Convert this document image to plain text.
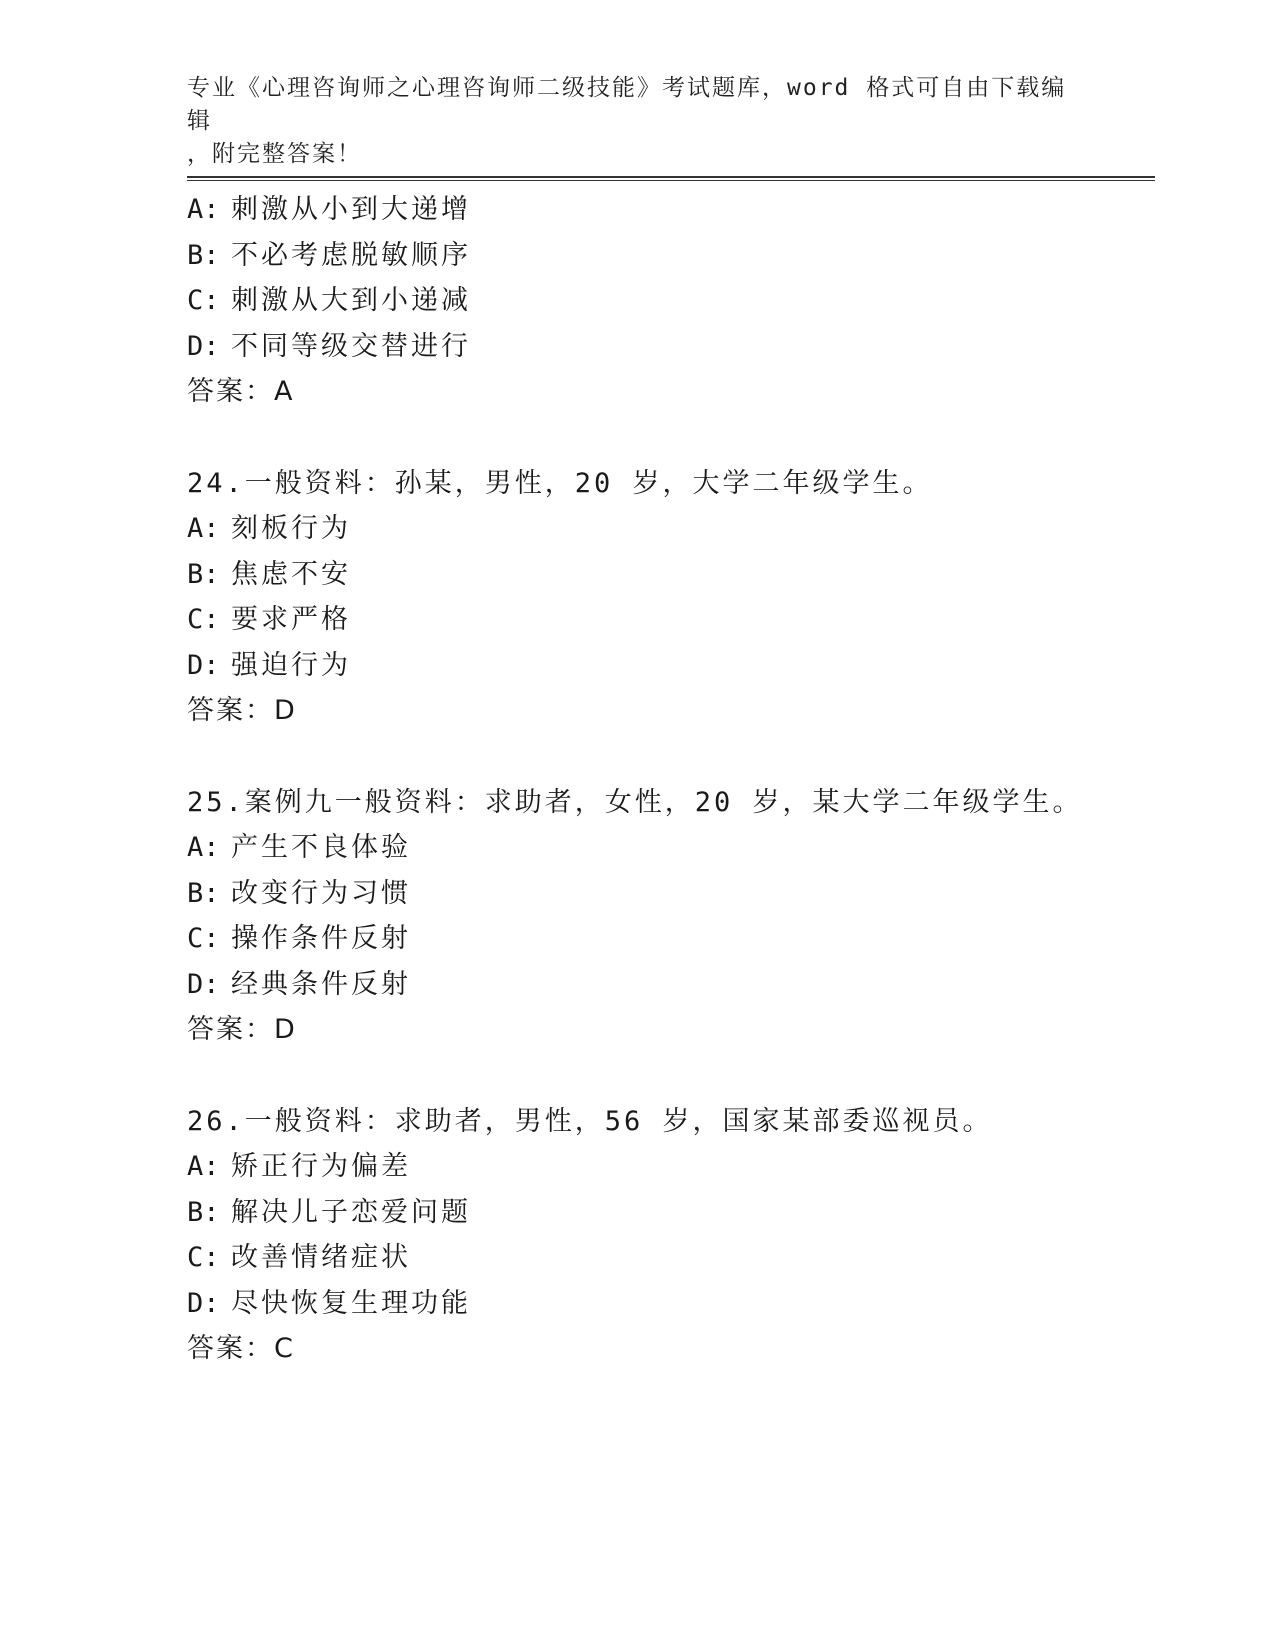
专业《心理咨询师之心理咨询师二级技能》考试题库，word 格式可自由下载编辑
，附完整答案！
A: 刺激从小到大递增
B: 不必考虑脱敏顺序
C: 刺激从大到小递减
D: 不同等级交替进行
答案：A
24.一般资料：孙某，男性，20 岁，大学二年级学生。
A: 刻板行为
B: 焦虑不安
C: 要求严格
D: 强迫行为
答案：D
25.案例九一般资料：求助者，女性，20 岁，某大学二年级学生。
A: 产生不良体验
B: 改变行为习惯
C: 操作条件反射
D: 经典条件反射
答案：D
26.一般资料：求助者，男性，56 岁，国家某部委巡视员。
A: 矫正行为偏差
B: 解决儿子恋爱问题
C: 改善情绪症状
D: 尽快恢复生理功能
答案：C
